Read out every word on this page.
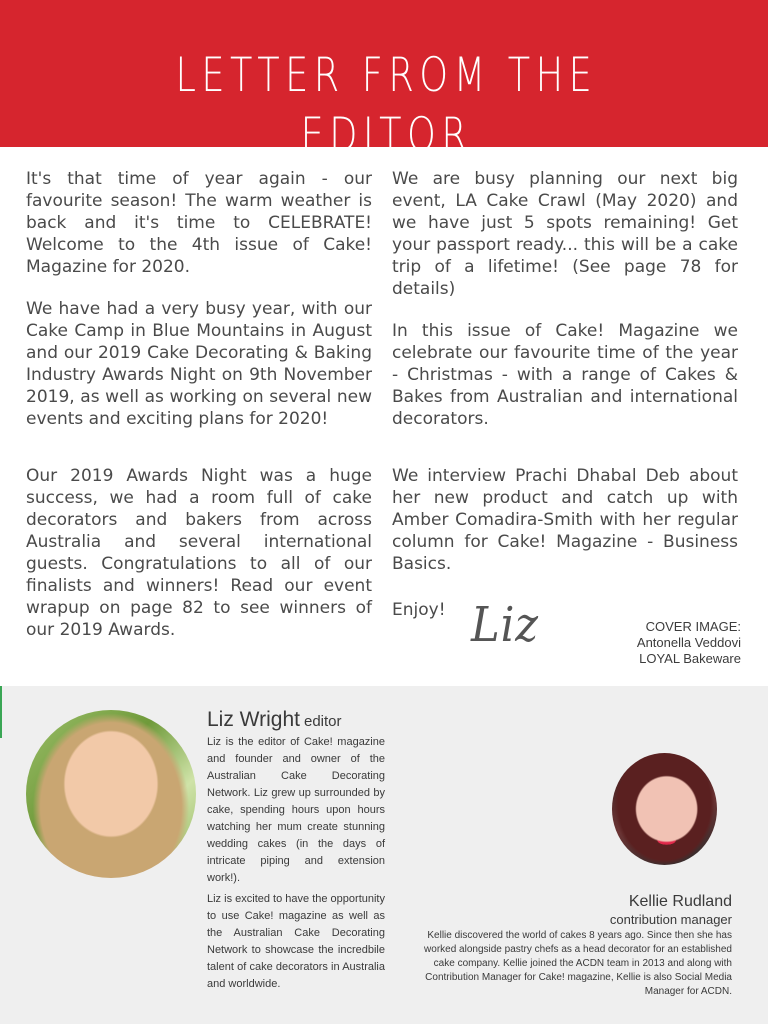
LETTER FROM THE EDITOR

It's that time of year again - our favourite season! The warm weather is back and it's time to CELEBRATE! Welcome to the 4th issue of Cake! Magazine for 2020.

We have had a very busy year, with our Cake Camp in Blue Mountains in August and our 2019 Cake Decorating & Baking Industry Awards Night on 9th November 2019, as well as working on several new events and exciting plans for 2020!

Our 2019 Awards Night was a huge success, we had a room full of cake decorators and bakers from across Australia and several international guests. Congratulations to all of our finalists and winners! Read our event wrapup on page 82 to see winners of our 2019 Awards.

We are busy planning our next big event, LA Cake Crawl (May 2020) and we have just 5 spots remaining! Get your passport ready... this will be a cake trip of a lifetime! (See page 78 for details)

In this issue of Cake! Magazine we celebrate our favourite time of the year - Christmas - with a range of Cakes & Bakes from Australian and international decorators.

We interview Prachi Dhabal Deb about her new product and catch up with Amber Comadira-Smith with her regular column for Cake! Magazine - Business Basics.

Enjoy! Liz	COVER IMAGE:
Antonella Veddovi
LOYAL Bakeware
Liz Wright editor

Liz is the editor of Cake! magazine and founder and owner of the Australian Cake Decorating Network. Liz grew up surrounded by cake, spending hours upon hours watching her mum create stunning wedding cakes (in the days of intricate piping and extension work!).

Liz is excited to have the opportunity to use Cake! magazine as well as the Australian Cake Decorating Network to showcase the incredbile talent of cake decorators in Australia and worldwide.

Kellie Rudland
contribution manager
Kellie discovered the world of cakes 8 years ago. Since then she has worked alongside pastry chefs as a head decorator for an established cake company. Kellie joined the ACDN team in 2013 and along with Contribution Manager for Cake! magazine, Kellie is also Social Media Manager for ACDN.
